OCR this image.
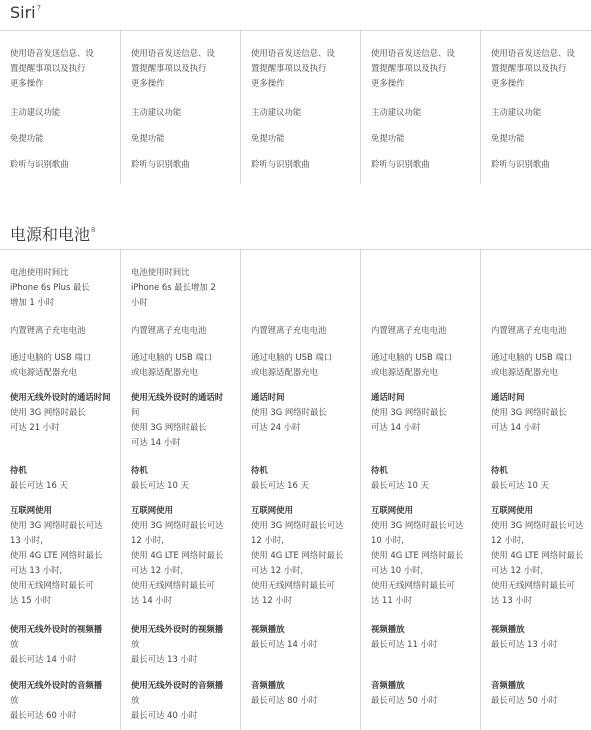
Siri$^7$
使用语音发送信息、设
置提醒事项以及执行
更多操作
主动建议功能
免提功能
聆听与识别歌曲
使用语音发送信息、设
置提醒事项以及执行
更多操作
主动建议功能
免提功能
聆听与识别歌曲
使用语音发送信息、设
置提醒事项以及执行
更多操作
主动建议功能
免提功能
聆听与识别歌曲
使用语音发送信息、设
置提醒事项以及执行
更多操作
主动建议功能
免提功能
聆听与识别歌曲
使用语音发送信息、设
置提醒事项以及执行
更多操作
主动建议功能
免提功能
聆听与识别歌曲
电源和电池$^8$
电池使用时间比
iPhone 6s Plus 最长
增加 1 小时
内置锂离子充电电池
通过电脑的 USB 端口
或电源适配器充电
使用无线外设时的通话时间
使用 3G 网络时最长
可达 21 小时
待机
最长可达 16 天
互联网使用
使用 3G 网络时最长可达
13 小时,
使用 4G LTE 网络时最长
可达 13 小时,
使用无线网络时最长可
达 15 小时
使用无线外设时的视频播
放
最长可达 14 小时
使用无线外设时的音频播
放
最长可达 60 小时
电池使用时间比
iPhone 6s 最长增加 2
小时
内置锂离子充电电池
通过电脑的 USB 端口
或电源适配器充电
使用无线外设时的通话时
间
使用 3G 网络时最长
可达 14 小时
待机
最长可达 10 天
互联网使用
使用 3G 网络时最长可达
12 小时,
使用 4G LTE 网络时最长
可达 12 小时,
使用无线网络时最长可
达 14 小时
使用无线外设时的视频播
放
最长可达 13 小时
使用无线外设时的音频播
放
最长可达 40 小时
内置锂离子充电电池
通过电脑的 USB 端口
或电源适配器充电
通话时间
使用 3G 网络时最长
可达 24 小时
待机
最长可达 16 天
互联网使用
使用 3G 网络时最长可达
12 小时,
使用 4G LTE 网络时最长
可达 12 小时,
使用无线网络时最长可
达 12 小时
视频播放
最长可达 14 小时
音频播放
最长可达 80 小时
内置锂离子充电电池
通过电脑的 USB 端口
或电源适配器充电
通话时间
使用 3G 网络时最长
可达 14 小时
待机
最长可达 10 天
互联网使用
使用 3G 网络时最长可达
10 小时,
使用 4G LTE 网络时最长
可达 10 小时,
使用无线网络时最长可
达 11 小时
视频播放
最长可达 11 小时
音频播放
最长可达 50 小时
内置锂离子充电电池
通过电脑的 USB 端口
或电源适配器充电
通话时间
使用 3G 网络时最长
可达 14 小时
待机
最长可达 10 天
互联网使用
使用 3G 网络时最长可达
12 小时,
使用 4G LTE 网络时最长
可达 12 小时,
使用无线网络时最长可
达 13 小时
视频播放
最长可达 13 小时
音频播放
最长可达 50 小时
